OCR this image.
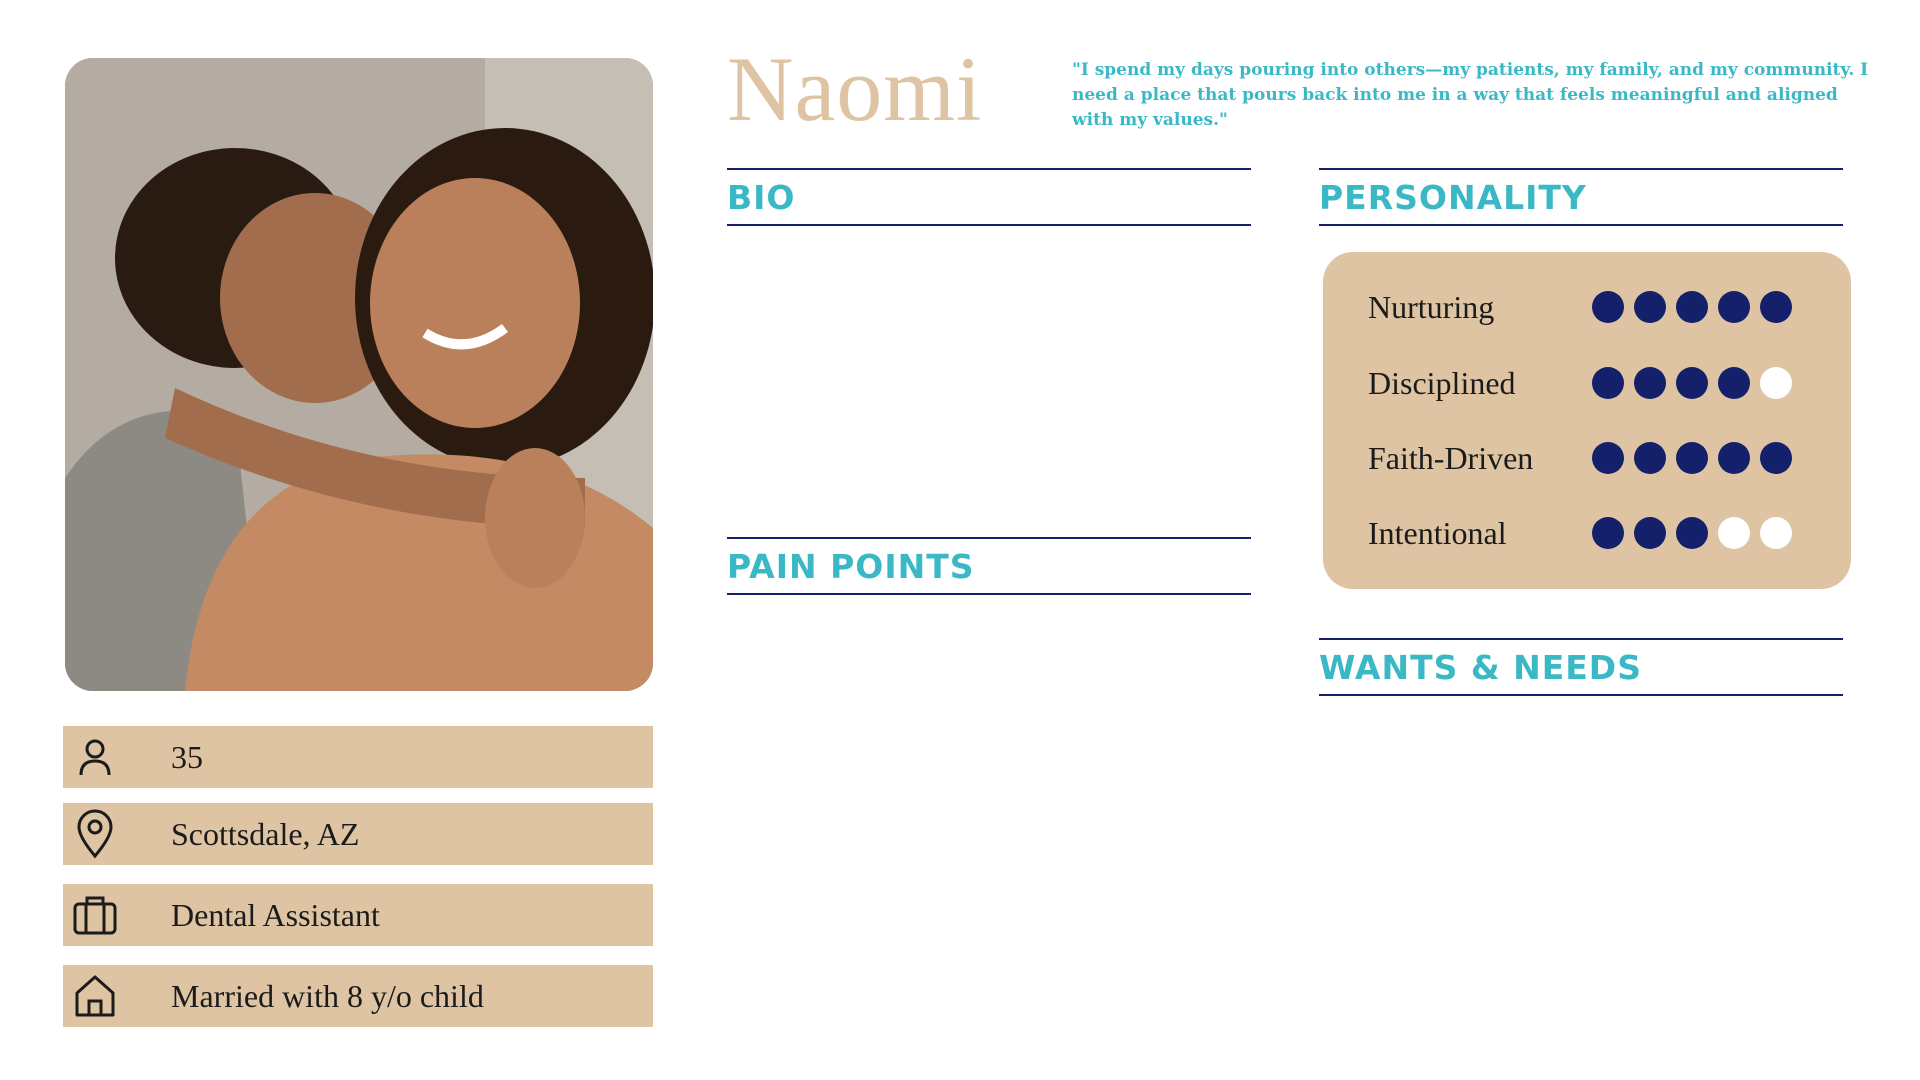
35
Scottsdale, AZ
Dental Assistant
Married with 8 y/o child
Naomi	"I spend my days pouring into others—my patients, my family, and my community. I need a place that pours back into me in a way that feels meaningful and aligned with my values."
BIO
PAIN POINTS
PERSONALITY
WANTS & NEEDS
Nurturing
Disciplined
Faith-Driven
Intentional
